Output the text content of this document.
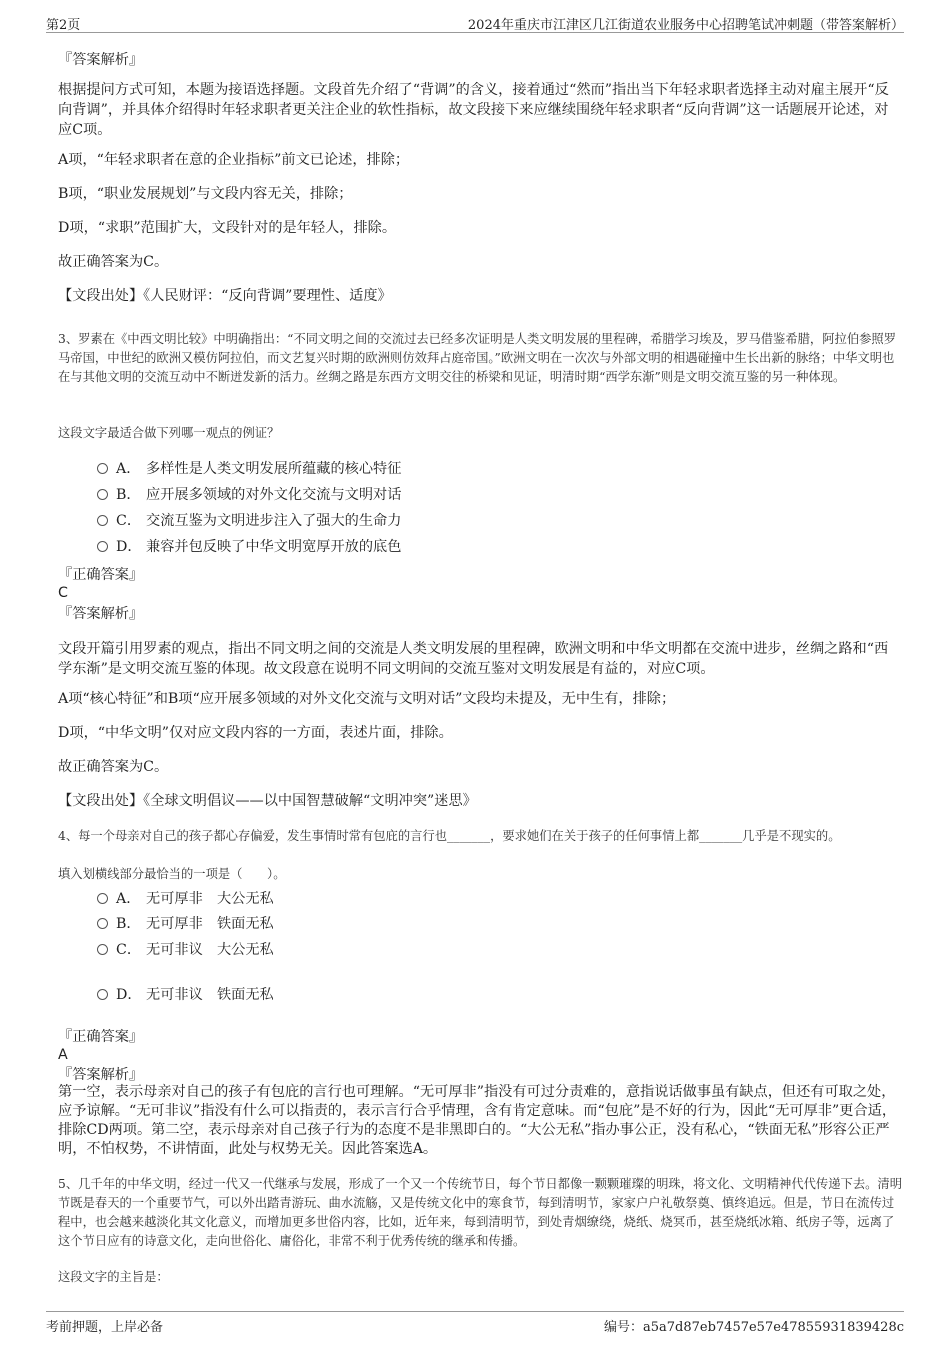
第2页	2024年重庆市江津区几江街道农业服务中心招聘笔试冲刺题（带答案解析）
『答案解析』
根据提问方式可知，本题为接语选择题。文段首先介绍了“背调”的含义，接着通过“然而”指出当下年轻求职者选择主动对雇主展开“反向背调”，并具体介绍得时年轻求职者更关注企业的软性指标，故文段接下来应继续围绕年轻求职者“反向背调”这一话题展开论述，对应C项。
A项，“年轻求职者在意的企业指标”前文已论述，排除；
B项，“职业发展规划”与文段内容无关，排除；
D项，“求职”范围扩大，文段针对的是年轻人，排除。
故正确答案为C。
【文段出处】《人民财评：“反向背调”要理性、适度》
3、罗素在《中西文明比较》中明确指出：“不同文明之间的交流过去已经多次证明是人类文明发展的里程碑，希腊学习埃及，罗马借鉴希腊，阿拉伯参照罗马帝国，中世纪的欧洲又模仿阿拉伯，而文艺复兴时期的欧洲则仿效拜占庭帝国。”欧洲文明在一次次与外部文明的相遇碰撞中生长出新的脉络；中华文明也在与其他文明的交流互动中不断迸发新的活力。丝绸之路是东西方文明交往的桥梁和见证，明清时期“西学东渐”则是文明交流互鉴的另一种体现。
这段文字最适合做下列哪一观点的例证？
A． 多样性是人类文明发展所蕴藏的核心特征
B． 应开展多领域的对外文化交流与文明对话
C． 交流互鉴为文明进步注入了强大的生命力
D． 兼容并包反映了中华文明宽厚开放的底色
『正确答案』
C
『答案解析』
文段开篇引用罗素的观点，指出不同文明之间的交流是人类文明发展的里程碑，欧洲文明和中华文明都在交流中进步，丝绸之路和“西学东渐”是文明交流互鉴的体现。故文段意在说明不同文明间的交流互鉴对文明发展是有益的，对应C项。
A项“核心特征”和B项“应开展多领域的对外文化交流与文明对话”文段均未提及，无中生有，排除；
D项，“中华文明”仅对应文段内容的一方面，表述片面，排除。
故正确答案为C。
【文段出处】《全球文明倡议——以中国智慧破解“文明冲突”迷思》
4、每一个母亲对自己的孩子都心存偏爱，发生事情时常有包庇的言行也_______，要求她们在关于孩子的任何事情上都_______几乎是不现实的。
填入划横线部分最恰当的一项是（　　）。
A． 无可厚非　大公无私
B． 无可厚非　铁面无私
C． 无可非议　大公无私
D． 无可非议　铁面无私
『正确答案』
A
『答案解析』
第一空，表示母亲对自己的孩子有包庇的言行也可理解。“无可厚非”指没有可过分责难的，意指说话做事虽有缺点，但还有可取之处，应予谅解。“无可非议”指没有什么可以指责的，表示言行合乎情理，含有肯定意味。而“包庇”是不好的行为，因此“无可厚非”更合适，排除CD两项。第二空，表示母亲对自己孩子行为的态度不是非黑即白的。“大公无私”指办事公正，没有私心，“铁面无私”形容公正严明，不怕权势，不讲情面，此处与权势无关。因此答案选A。
5、几千年的中华文明，经过一代又一代继承与发展，形成了一个又一个传统节日，每个节日都像一颗颗璀璨的明珠，将文化、文明精神代代传递下去。清明节既是春天的一个重要节气，可以外出踏青游玩、曲水流觞，又是传统文化中的寒食节，每到清明节，家家户户礼敬祭奠、慎终追远。但是，节日在流传过程中，也会越来越淡化其文化意义，而增加更多世俗内容，比如，近年来，每到清明节，到处青烟缭绕，烧纸、烧冥币，甚至烧纸冰箱、纸房子等，远离了这个节日应有的诗意文化，走向世俗化、庸俗化，非常不利于优秀传统的继承和传播。
这段文字的主旨是：
考前押题，上岸必备	编号：a5a7d87eb7457e57e47855931839428c
